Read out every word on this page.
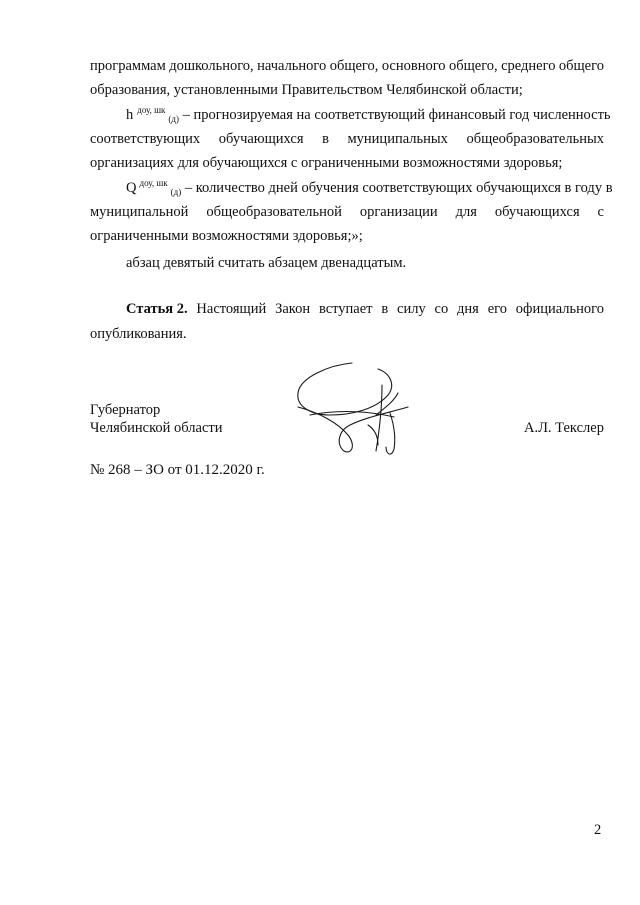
программам дошкольного, начального общего, основного общего, среднего общего
образования, установленными Правительством Челябинской области;
h $^{доу, шк}_{(д)}$ – прогнозируемая на соответствующий финансовый год численность
соответствующих обучающихся в муниципальных общеобразовательных
организациях для обучающихся с ограниченными возможностями здоровья;
Q $^{доу, шк}_{(д)}$ – количество дней обучения соответствующих обучающихся в году в
муниципальной общеобразовательной организации для обучающихся с
ограниченными возможностями здоровья;»;
абзац девятый считать абзацем двенадцатым.
Статья 2. Настоящий Закон вступает в силу со дня его официального
опубликования.
Губернатор
Челябинской области	А.Л. Текслер
№ 268 – ЗО от 01.12.2020 г.
2
